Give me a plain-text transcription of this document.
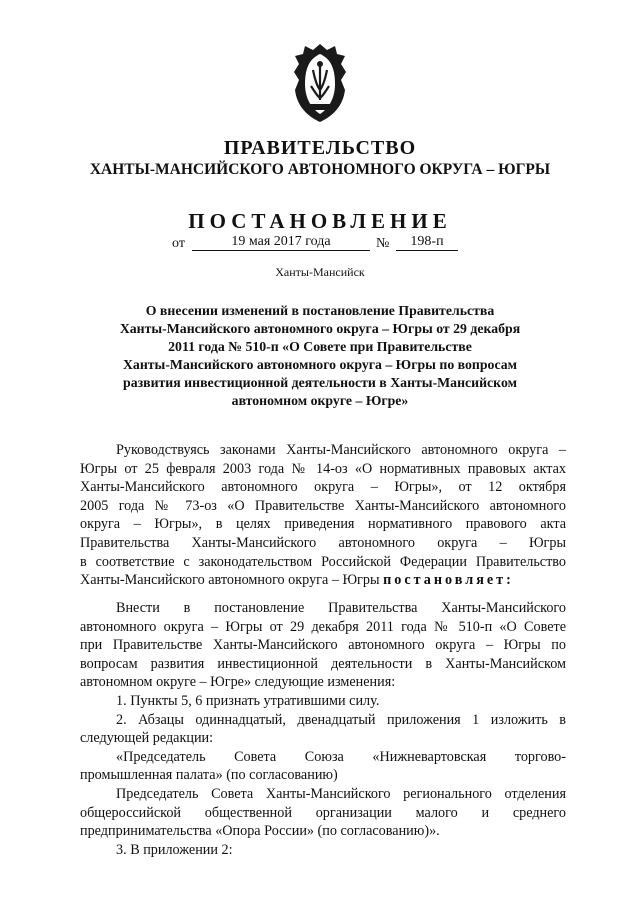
ПРАВИТЕЛЬСТВО
ХАНТЫ-МАНСИЙСКОГО АВТОНОМНОГО ОКРУГА – ЮГРЫ
ПОСТАНОВЛЕНИЕ
от	19 мая 2017 года	№	198-п
Ханты-Мансийск
О внесении изменений в постановление Правительства
Ханты-Мансийского автономного округа – Югры от 29 декабря
2011 года № 510-п «О Совете при Правительстве
Ханты-Мансийского автономного округа – Югры по вопросам
развития инвестиционной деятельности в Ханты-Мансийском
автономном округе – Югре»
Руководствуясь законами Ханты-Мансийского автономного округа –
Югры от 25 февраля 2003 года № 14-оз «О нормативных правовых актах
Ханты-Мансийского автономного округа – Югры», от 12 октября
2005 года № 73-оз «О Правительстве Ханты-Мансийского автономного
округа – Югры», в целях приведения нормативного правового акта
Правительства Ханты-Мансийского автономного округа – Югры
в соответствие с законодательством Российской Федерации Правительство
Ханты-Мансийского автономного округа – Югры постановляет:
Внести в постановление Правительства Ханты-Мансийского
автономного округа – Югры от 29 декабря 2011 года № 510-п «О Совете
при Правительстве Ханты-Мансийского автономного округа – Югры по
вопросам развития инвестиционной деятельности в Ханты-Мансийском
автономном округе – Югре» следующие изменения:
1. Пункты 5, 6 признать утратившими силу.
2. Абзацы одиннадцатый, двенадцатый приложения 1 изложить в
следующей редакции:
«Председатель Совета Союза «Нижневартовская торгово-
промышленная палата» (по согласованию)
Председатель Совета Ханты-Мансийского регионального отделения
общероссийской общественной организации малого и среднего
предпринимательства «Опора России» (по согласованию)».
3. В приложении 2:
